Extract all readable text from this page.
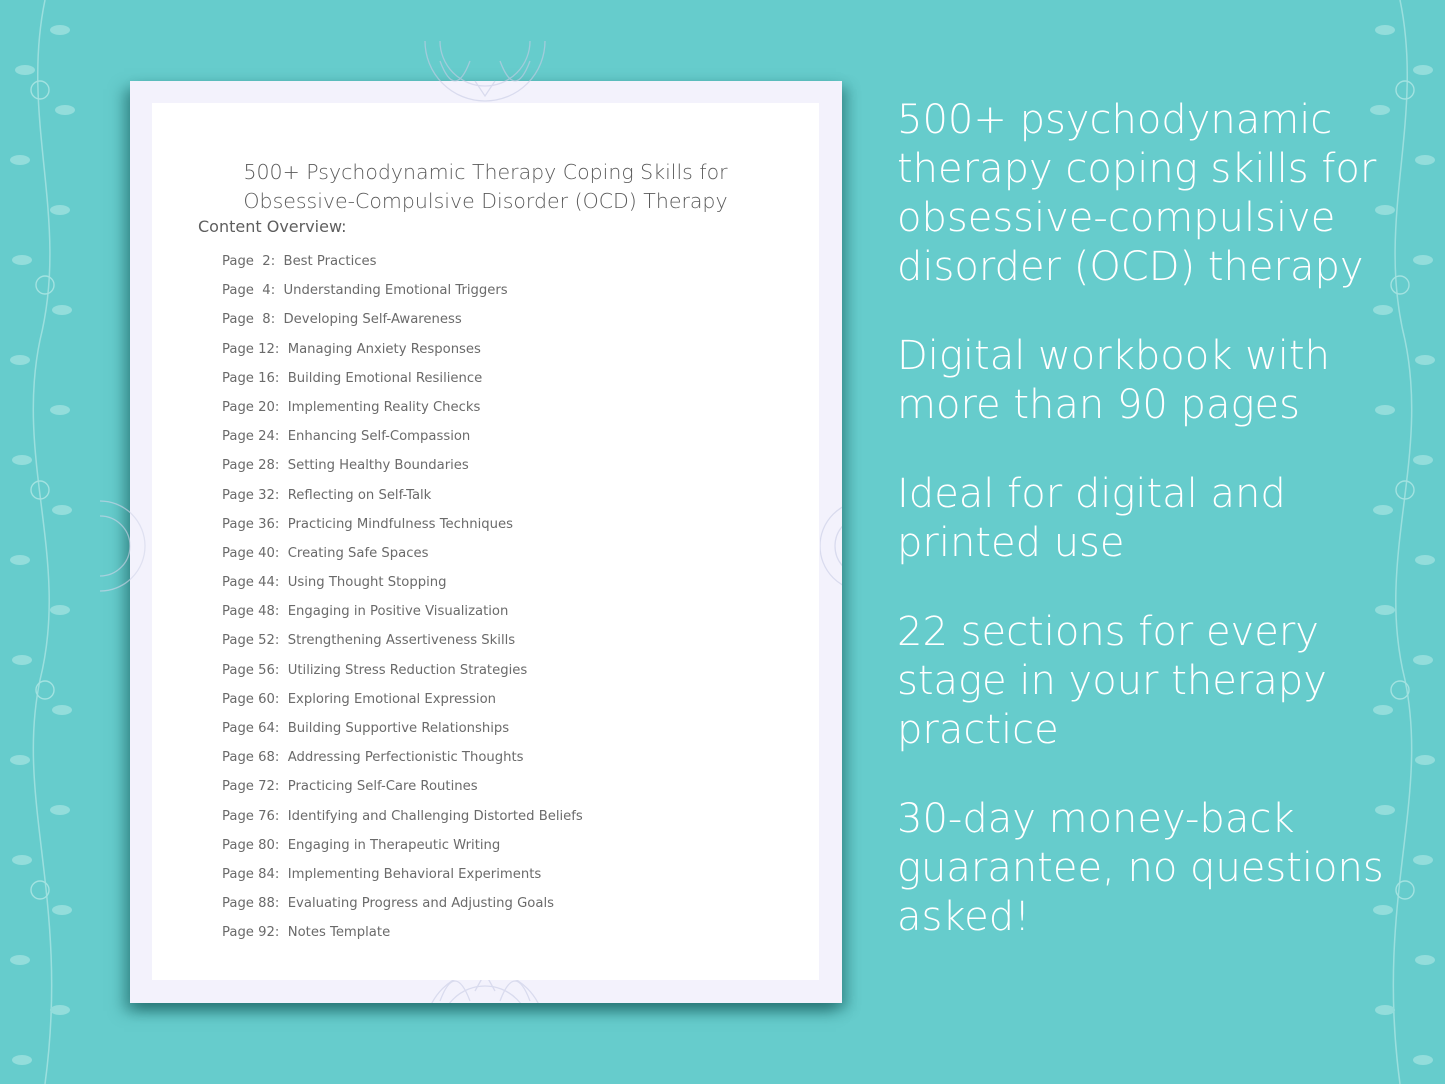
500+ Psychodynamic Therapy Coping Skills for
Obsessive-Compulsive Disorder (OCD) Therapy
Content Overview:
Page  2:  Best Practices
Page  4:  Understanding Emotional Triggers
Page  8:  Developing Self-Awareness
Page 12:  Managing Anxiety Responses
Page 16:  Building Emotional Resilience
Page 20:  Implementing Reality Checks
Page 24:  Enhancing Self-Compassion
Page 28:  Setting Healthy Boundaries
Page 32:  Reflecting on Self-Talk
Page 36:  Practicing Mindfulness Techniques
Page 40:  Creating Safe Spaces
Page 44:  Using Thought Stopping
Page 48:  Engaging in Positive Visualization
Page 52:  Strengthening Assertiveness Skills
Page 56:  Utilizing Stress Reduction Strategies
Page 60:  Exploring Emotional Expression
Page 64:  Building Supportive Relationships
Page 68:  Addressing Perfectionistic Thoughts
Page 72:  Practicing Self-Care Routines
Page 76:  Identifying and Challenging Distorted Beliefs
Page 80:  Engaging in Therapeutic Writing
Page 84:  Implementing Behavioral Experiments
Page 88:  Evaluating Progress and Adjusting Goals
Page 92:  Notes Template

500+ psychodynamic therapy coping skills for obsessive-compulsive disorder (OCD) therapy

Digital workbook with more than 90 pages

Ideal for digital and printed use

22 sections for every stage in your therapy practice

30-day money-back guarantee, no questions asked!
